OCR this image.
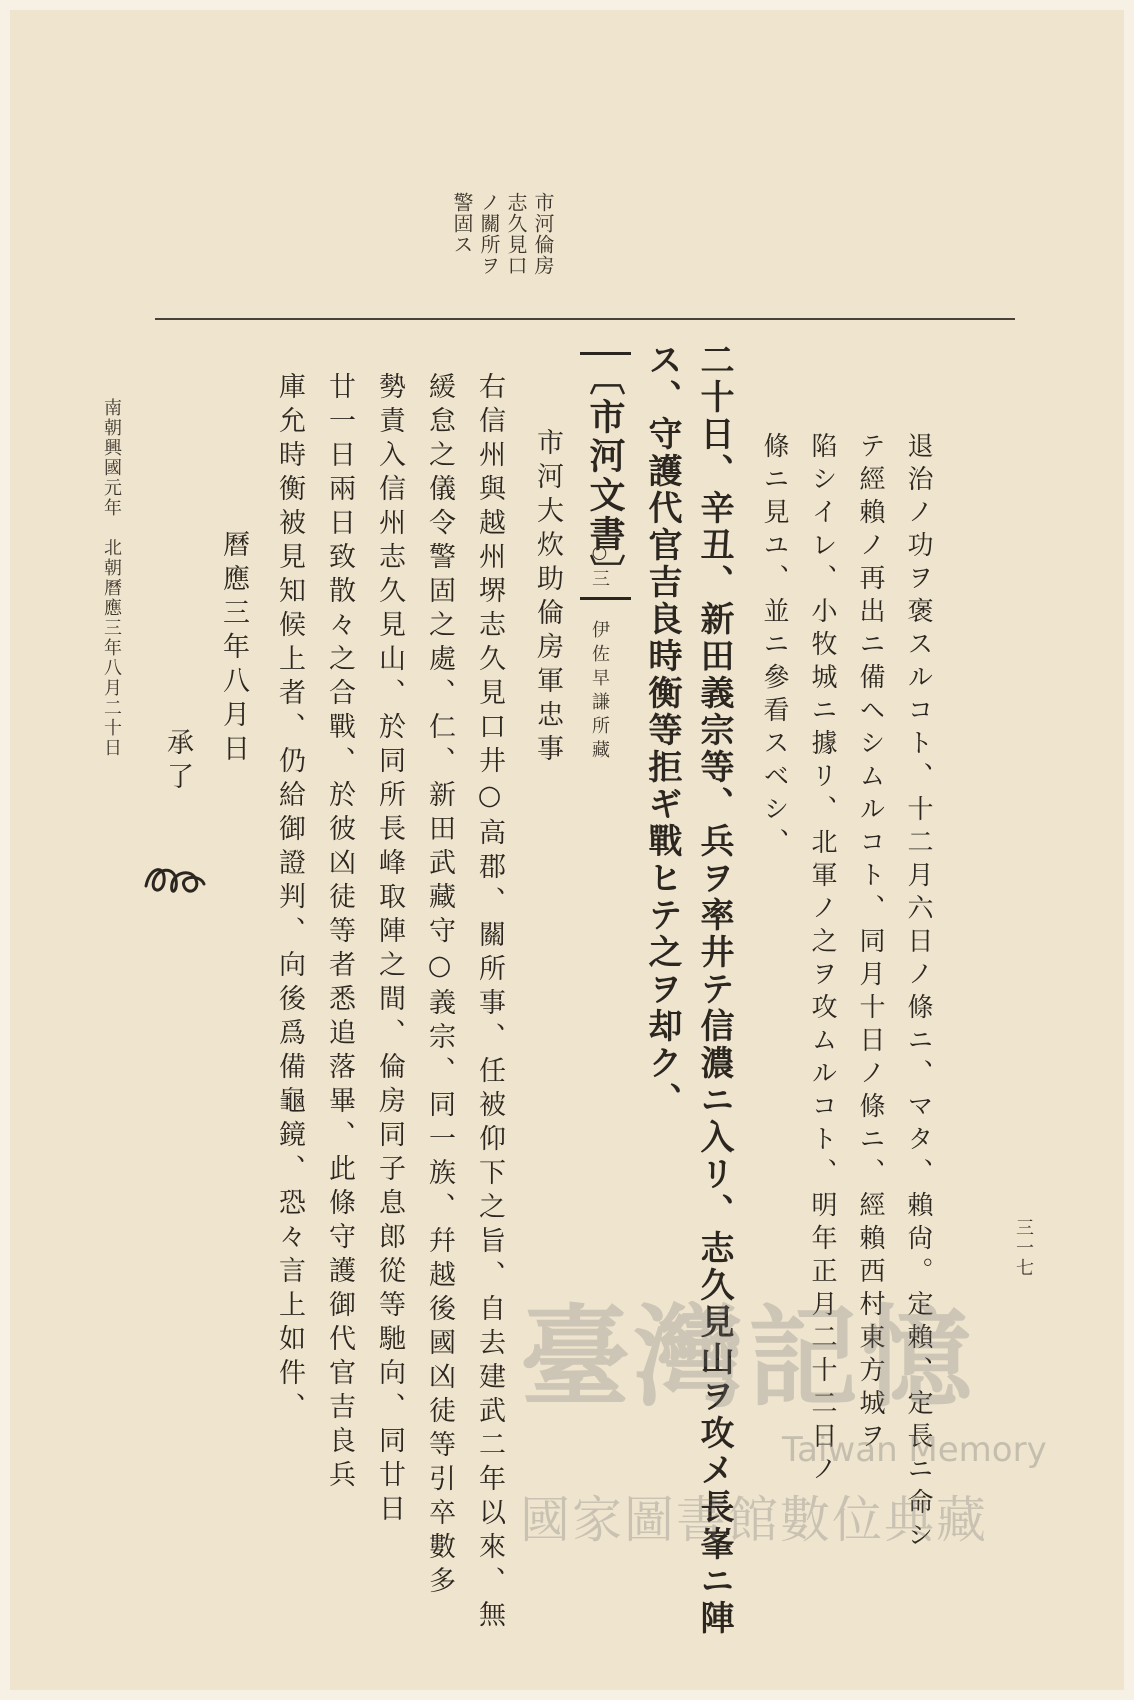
市河倫房
志久見口
ノ關所ヲ
警固ス
退治ノ功ヲ褒スルコト、十二月六日ノ條ニ、マタ、賴尙。定賴、定長ニ命シ
テ經賴ノ再出ニ備ヘシムルコト、同月十日ノ條ニ、經賴西村東方城ヲ
陷シイレ、小牧城ニ據リ、北軍ノ之ヲ攻ムルコト、明年正月二十二日ノ
條ニ見ユ、並ニ參看スベシ、
二十日、辛丑、新田義宗等、兵ヲ率井テ信濃ニ入リ、志久見山ヲ攻メ長峯ニ陣
ス、守護代官吉良時衡等拒ギ戰ヒテ之ヲ却ク、
〔市河文書〕
○三 伊佐早謙所藏
市河大炊助倫房軍忠事
右信州與越州堺志久見口井○高郡、關所事、任被仰下之旨、自去建武二年以來、無
緩怠之儀令警固之處、仁、新田武藏守○義宗、同一族、幷越後國凶徒等引卒數多
勢責入信州志久見山、於同所長峰取陣之間、倫房同子息郎從等馳向、同廿日
廿一日兩日致散々之合戰、於彼凶徒等者悉追落畢、此條守護御代官吉良兵
庫允時衡被見知候上者、仍給御證判、向後爲備龜鏡、恐々言上如件、
曆應三年八月日
承了
南朝興國元年　北朝曆應三年八月二十日
三一七
臺灣記憶
Taiwan Memory
國家圖書館數位典藏
